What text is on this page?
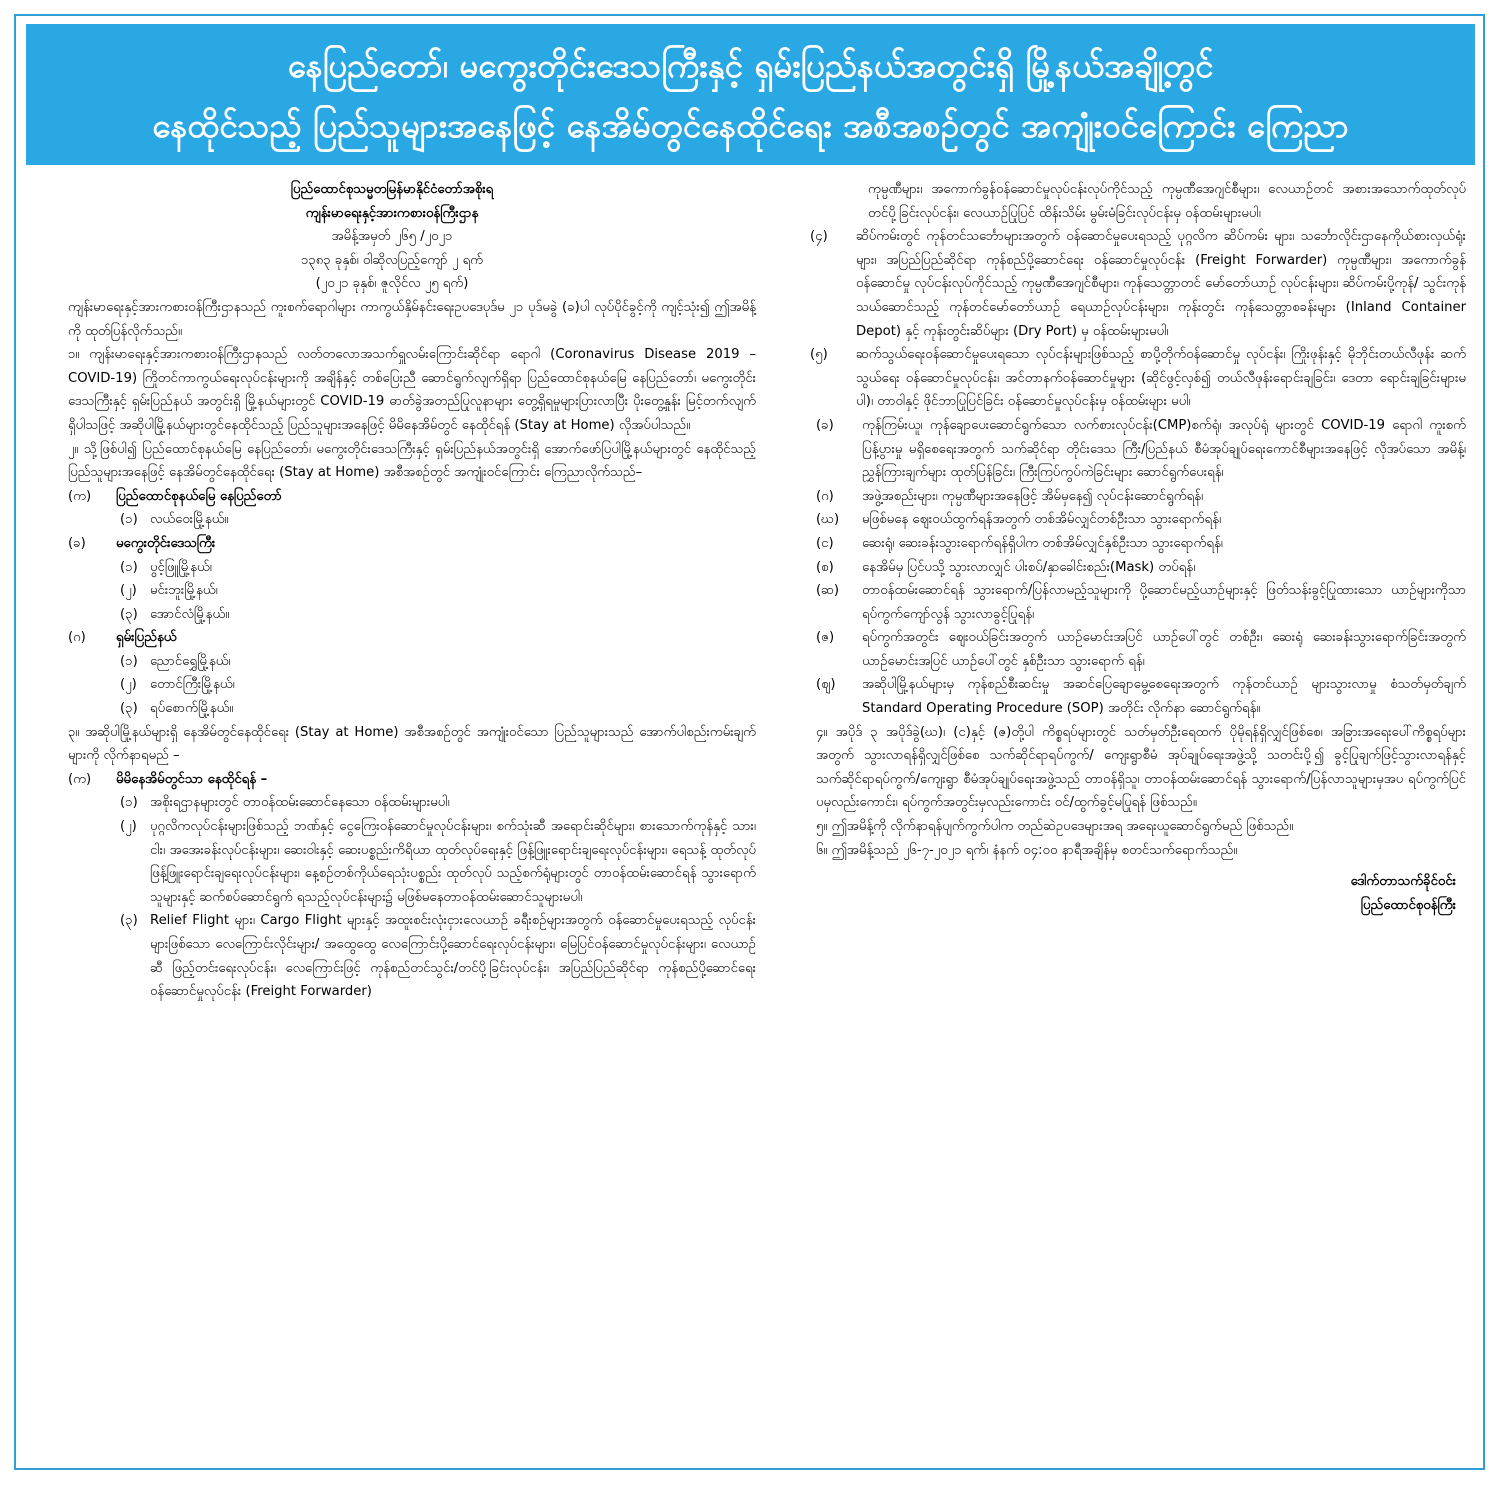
နေပြည်တော်၊ မကွေးတိုင်းဒေသကြီးနှင့် ရှမ်းပြည်နယ်အတွင်းရှိ မြို့နယ်အချို့တွင်
နေထိုင်သည့် ပြည်သူများအနေဖြင့် နေအိမ်တွင်နေထိုင်ရေး အစီအစဉ်တွင် အကျုံးဝင်ကြောင်း ကြေညာ

ပြည်ထောင်စုသမ္မတမြန်မာနိုင်ငံတော်အစိုးရ

ကျန်းမာရေးနှင့်အားကစားဝန်ကြီးဌာန

အမိန့်အမှတ် ၂၆၅ /၂၀၂၁

၁၃၈၃ ခုနှစ်၊ ဝါဆိုလပြည့်ကျော် ၂ ရက်

(၂၀၂၁ ခုနှစ်၊ ဇူလိုင်လ ၂၅ ရက်)

ကျန်းမာရေးနှင့်အားကစားဝန်ကြီးဌာနသည် ကူးစက်ရောဂါများ ကာကွယ်နှိမ်နင်းရေးဥပဒေပုဒ်မ ၂၁ ပုဒ်မခွဲ (ခ)ပါ လုပ်ပိုင်ခွင့်ကို ကျင့်သုံး၍ ဤအမိန့်ကို ထုတ်ပြန်လိုက်သည်။

၁။ ကျန်းမာရေးနှင့်အားကစားဝန်ကြီးဌာနသည် လတ်တလောအသက်ရှူလမ်းကြောင်းဆိုင်ရာ ရောဂါ (Coronavirus Disease 2019 – COVID-19) ကြိုတင်ကာကွယ်ရေးလုပ်ငန်းများကို အချိန်နှင့် တစ်ပြေးညီ ဆောင်ရွက်လျက်ရှိရာ ပြည်ထောင်စုနယ်မြေ နေပြည်တော်၊ မကွေးတိုင်းဒေသကြီးနှင့် ရှမ်းပြည်နယ် အတွင်းရှိ မြို့နယ်များတွင် COVID-19 ဓာတ်ခွဲအတည်ပြုလူနာများ တွေ့ရှိရမှုများပြားလာပြီး ပိုးတွေ့နှုန်း မြင့်တက်လျက်ရှိပါသဖြင့် အဆိုပါမြို့နယ်များတွင်နေထိုင်သည့် ပြည်သူများအနေဖြင့် မိမိနေအိမ်တွင် နေထိုင်ရန် (Stay at Home) လိုအပ်ပါသည်။

၂။ သို့ဖြစ်ပါ၍ ပြည်ထောင်စုနယ်မြေ နေပြည်တော်၊ မကွေးတိုင်းဒေသကြီးနှင့် ရှမ်းပြည်နယ်အတွင်းရှိ အောက်ဖော်ပြပါမြို့နယ်များတွင် နေထိုင်သည့် ပြည်သူများအနေဖြင့် နေအိမ်တွင်နေထိုင်ရေး (Stay at Home) အစီအစဉ်တွင် အကျုံးဝင်ကြောင်း ကြေညာလိုက်သည်–

(က)	ပြည်ထောင်စုနယ်မြေ နေပြည်တော်
(၁) လယ်ဝေးမြို့နယ်။
(ခ)	မကွေးတိုင်းဒေသကြီး
(၁) ပွင့်ဖြူမြို့နယ်၊
(၂)	မင်းဘူးမြို့နယ်၊
(၃) အောင်လံမြို့နယ်။
(ဂ)	ရှမ်းပြည်နယ်
(၁) ညောင်ရွှေမြို့နယ်၊
(၂)	တောင်ကြီးမြို့နယ်၊
(၃) ရပ်စောက်မြို့နယ်။

၃။ အဆိုပါမြို့နယ်များရှိ နေအိမ်တွင်နေထိုင်ရေး (Stay at Home) အစီအစဉ်တွင် အကျုံးဝင်သော ပြည်သူများသည် အောက်ပါစည်းကမ်းချက်များကို လိုက်နာရမည် –

(က)	မိမိနေအိမ်တွင်သာ နေထိုင်ရန် –
(၁) အစိုးရဌာနများတွင် တာဝန်ထမ်းဆောင်နေသော ဝန်ထမ်းများမပါ၊
(၂)	ပုဂ္ဂလိကလုပ်ငန်းများဖြစ်သည့် ဘဏ်နှင့် ငွေကြေးဝန်ဆောင်မှုလုပ်ငန်းများ၊ စက်သုံးဆီ အရောင်းဆိုင်များ၊ စားသောက်ကုန်နှင့် သား၊ ငါး၊ အအေးခန်းလုပ်ငန်းများ၊ ဆေးဝါးနှင့် ဆေးပစ္စည်းကိရိယာ ထုတ်လုပ်ရေးနှင့် ဖြန့်ဖြူးရောင်းချရေးလုပ်ငန်းများ၊ ရေသန့် ထုတ်လုပ်ဖြန့်ဖြူးရောင်းချရေးလုပ်ငန်းများ၊ နေ့စဉ်တစ်ကိုယ်ရေသုံးပစ္စည်း ထုတ်လုပ် သည့်စက်ရုံများတွင် တာဝန်ထမ်းဆောင်ရန် သွားရောက်သူများနှင့် ဆက်စပ်ဆောင်ရွက် ရသည့်လုပ်ငန်းများ၌ မဖြစ်မနေတာဝန်ထမ်းဆောင်သူများမပါ၊
(၃) Relief Flight များ၊ Cargo Flight များနှင့် အထူးစင်းလုံးငှားလေယာဉ် ခရီးစဉ်များအတွက် ဝန်ဆောင်မှုပေးရသည့် လုပ်ငန်းများဖြစ်သော လေကြောင်းလိုင်းများ/ အထွေထွေ လေကြောင်းပို့ဆောင်ရေးလုပ်ငန်းများ၊ မြေပြင်ဝန်ဆောင်မှုလုပ်ငန်းများ၊ လေယာဉ်ဆီ ဖြည့်တင်းရေးလုပ်ငန်း၊ လေကြောင်းဖြင့် ကုန်စည်တင်သွင်း/တင်ပို့ခြင်းလုပ်ငန်း၊ အပြည်ပြည်ဆိုင်ရာ ကုန်စည်ပို့ဆောင်ရေးဝန်ဆောင်မှုလုပ်ငန်း (Freight Forwarder)

ကုမ္ပဏီများ၊ အကောက်ခွန်ဝန်ဆောင်မှုလုပ်ငန်းလုပ်ကိုင်သည့် ကုမ္ပဏီအေဂျင်စီများ၊ လေယာဉ်တင် အစားအသောက်ထုတ်လုပ်တင်ပို့ခြင်းလုပ်ငန်း၊ လေယာဉ်ပြုပြင် ထိန်းသိမ်း မွမ်းမံခြင်းလုပ်ငန်းမှ ဝန်ထမ်းများမပါ၊

(၄)	ဆိပ်ကမ်းတွင် ကုန်တင်သင်္ဘောများအတွက် ဝန်ဆောင်မှုပေးရသည့် ပုဂ္ဂလိက ဆိပ်ကမ်း များ၊ သင်္ဘောလိုင်းဌာနေကိုယ်စားလှယ်ရုံးများ၊ အပြည်ပြည်ဆိုင်ရာ ကုန်စည်ပို့ဆောင်ရေး ဝန်ဆောင်မှုလုပ်ငန်း (Freight Forwarder) ကုမ္ပဏီများ၊ အကောက်ခွန်ဝန်ဆောင်မှု လုပ်ငန်းလုပ်ကိုင်သည့် ကုမ္ပဏီအေဂျင်စီများ၊ ကုန်သေတ္တာတင် မော်တော်ယာဉ် လုပ်ငန်းများ၊ ဆိပ်ကမ်းပို့ကုန်/ သွင်းကုန် သယ်ဆောင်သည့် ကုန်တင်မော်တော်ယာဉ် ရေယာဉ်လုပ်ငန်းများ၊ ကုန်းတွင်း ကုန်သေတ္တာစခန်းများ (Inland Container Depot) နှင့် ကုန်းတွင်းဆိပ်များ (Dry Port) မှ ဝန်ထမ်းများမပါ၊
(၅)	ဆက်သွယ်ရေးဝန်ဆောင်မှုပေးရသော လုပ်ငန်းများဖြစ်သည့် စာပို့တိုက်ဝန်ဆောင်မှု လုပ်ငန်း၊ ကြိုးဖုန်းနှင့် မိုဘိုင်းတယ်လီဖုန်း ဆက်သွယ်ရေး ဝန်ဆောင်မှုလုပ်ငန်း၊ အင်တာနက်ဝန်ဆောင်မှုများ (ဆိုင်ဖွင့်လှစ်၍ တယ်လီဖုန်းရောင်းချခြင်း၊ ဒေတာ ရောင်းချခြင်းများမပါ)၊ တာဝါနှင့် ဖိုင်ဘာပြုပြင်ခြင်း ဝန်ဆောင်မှုလုပ်ငန်းမှ ဝန်ထမ်းများ မပါ၊
(ခ)	ကုန်ကြမ်းယူ၊ ကုန်ချောပေးဆောင်ရွက်သော လက်စားလုပ်ငန်း(CMP)စက်ရုံ၊ အလုပ်ရုံ များတွင် COVID-19 ရောဂါ ကူးစက်ပြန့်ပွားမှု မရှိစေရေးအတွက် သက်ဆိုင်ရာ တိုင်းဒေသ ကြီး/ပြည်နယ် စီမံအုပ်ချုပ်ရေးကောင်စီများအနေဖြင့် လိုအပ်သော အမိန့်၊ ညွှန်ကြားချက်များ ထုတ်ပြန်ခြင်း၊ ကြီးကြပ်ကွပ်ကဲခြင်းများ ဆောင်ရွက်ပေးရန်၊
(ဂ)	အဖွဲ့အစည်းများ၊ ကုမ္ပဏီများအနေဖြင့် အိမ်မှနေ၍ လုပ်ငန်းဆောင်ရွက်ရန်၊
(ဃ)	မဖြစ်မနေ ဈေးဝယ်ထွက်ရန်အတွက် တစ်အိမ်လျှင်တစ်ဦးသာ သွားရောက်ရန်၊
(င)	ဆေးရုံ၊ ဆေးခန်းသွားရောက်ရန်ရှိပါက တစ်အိမ်လျှင်နှစ်ဦးသာ သွားရောက်ရန်၊
(စ)	နေအိမ်မှ ပြင်ပသို့ သွားလာလျှင် ပါးစပ်/နှာခေါင်းစည်း(Mask) တပ်ရန်၊
(ဆ)	တာဝန်ထမ်းဆောင်ရန် သွားရောက်/ပြန်လာမည့်သူများကို ပို့ဆောင်မည့်ယာဉ်များနှင့် ဖြတ်သန်းခွင့်ပြုထားသော ယာဉ်များကိုသာ ရပ်ကွက်ကျော်လွန် သွားလာခွင့်ပြုရန်၊
(ဇ)	ရပ်ကွက်အတွင်း ဈေးဝယ်ခြင်းအတွက် ယာဉ်မောင်းအပြင် ယာဉ်ပေါ်တွင် တစ်ဦး၊ ဆေးရုံ ဆေးခန်းသွားရောက်ခြင်းအတွက် ယာဉ်မောင်းအပြင် ယာဉ်ပေါ်တွင် နှစ်ဦးသာ သွားရောက် ရန်၊
(ဈ)	အဆိုပါမြို့နယ်များမှ ကုန်စည်စီးဆင်းမှု အဆင်ပြေချောမွေ့စေရေးအတွက် ကုန်တင်ယာဉ် များသွားလာမှု စံသတ်မှတ်ချက် Standard Operating Procedure (SOP) အတိုင်း လိုက်နာ ဆောင်ရွက်ရန်။

၄။ အပိုဒ် ၃ အပိုဒ်ခွဲ(ဃ)၊ (င)နှင့် (ဇ)တို့ပါ ကိစ္စရပ်များတွင် သတ်မှတ်ဦးရေထက် ပိုမိုရန်ရှိလျှင်ဖြစ်စေ၊ အခြားအရေးပေါ်ကိစ္စရပ်များအတွက် သွားလာရန်ရှိလျှင်ဖြစ်စေ သက်ဆိုင်ရာရပ်ကွက်/ ကျေးရွာစီမံ အုပ်ချုပ်ရေးအဖွဲ့သို့ သတင်းပို့၍ ခွင့်ပြုချက်ဖြင့်သွားလာရန်နှင့် သက်ဆိုင်ရာရပ်ကွက်/ကျေးရွာ စီမံအုပ်ချုပ်ရေးအဖွဲ့သည် တာဝန်ရှိသူ၊ တာဝန်ထမ်းဆောင်ရန် သွားရောက်/ပြန်လာသူများမှအပ ရပ်ကွက်ပြင်ပမှလည်းကောင်း၊ ရပ်ကွက်အတွင်းမှလည်းကောင်း ဝင်/ထွက်ခွင့်မပြုရန် ဖြစ်သည်။

၅။ ဤအမိန့်ကို လိုက်နာရန်ပျက်ကွက်ပါက တည်ဆဲဥပဒေများအရ အရေးယူဆောင်ရွက်မည် ဖြစ်သည်။

၆။ ဤအမိန့်သည် ၂၆-၇-၂၀၂၁ ရက်၊ နံနက် ၀၄:၀၀ နာရီအချိန်မှ စတင်သက်ရောက်သည်။

ဒေါက်တာသက်ခိုင်ဝင်း

ပြည်ထောင်စုဝန်ကြီး
